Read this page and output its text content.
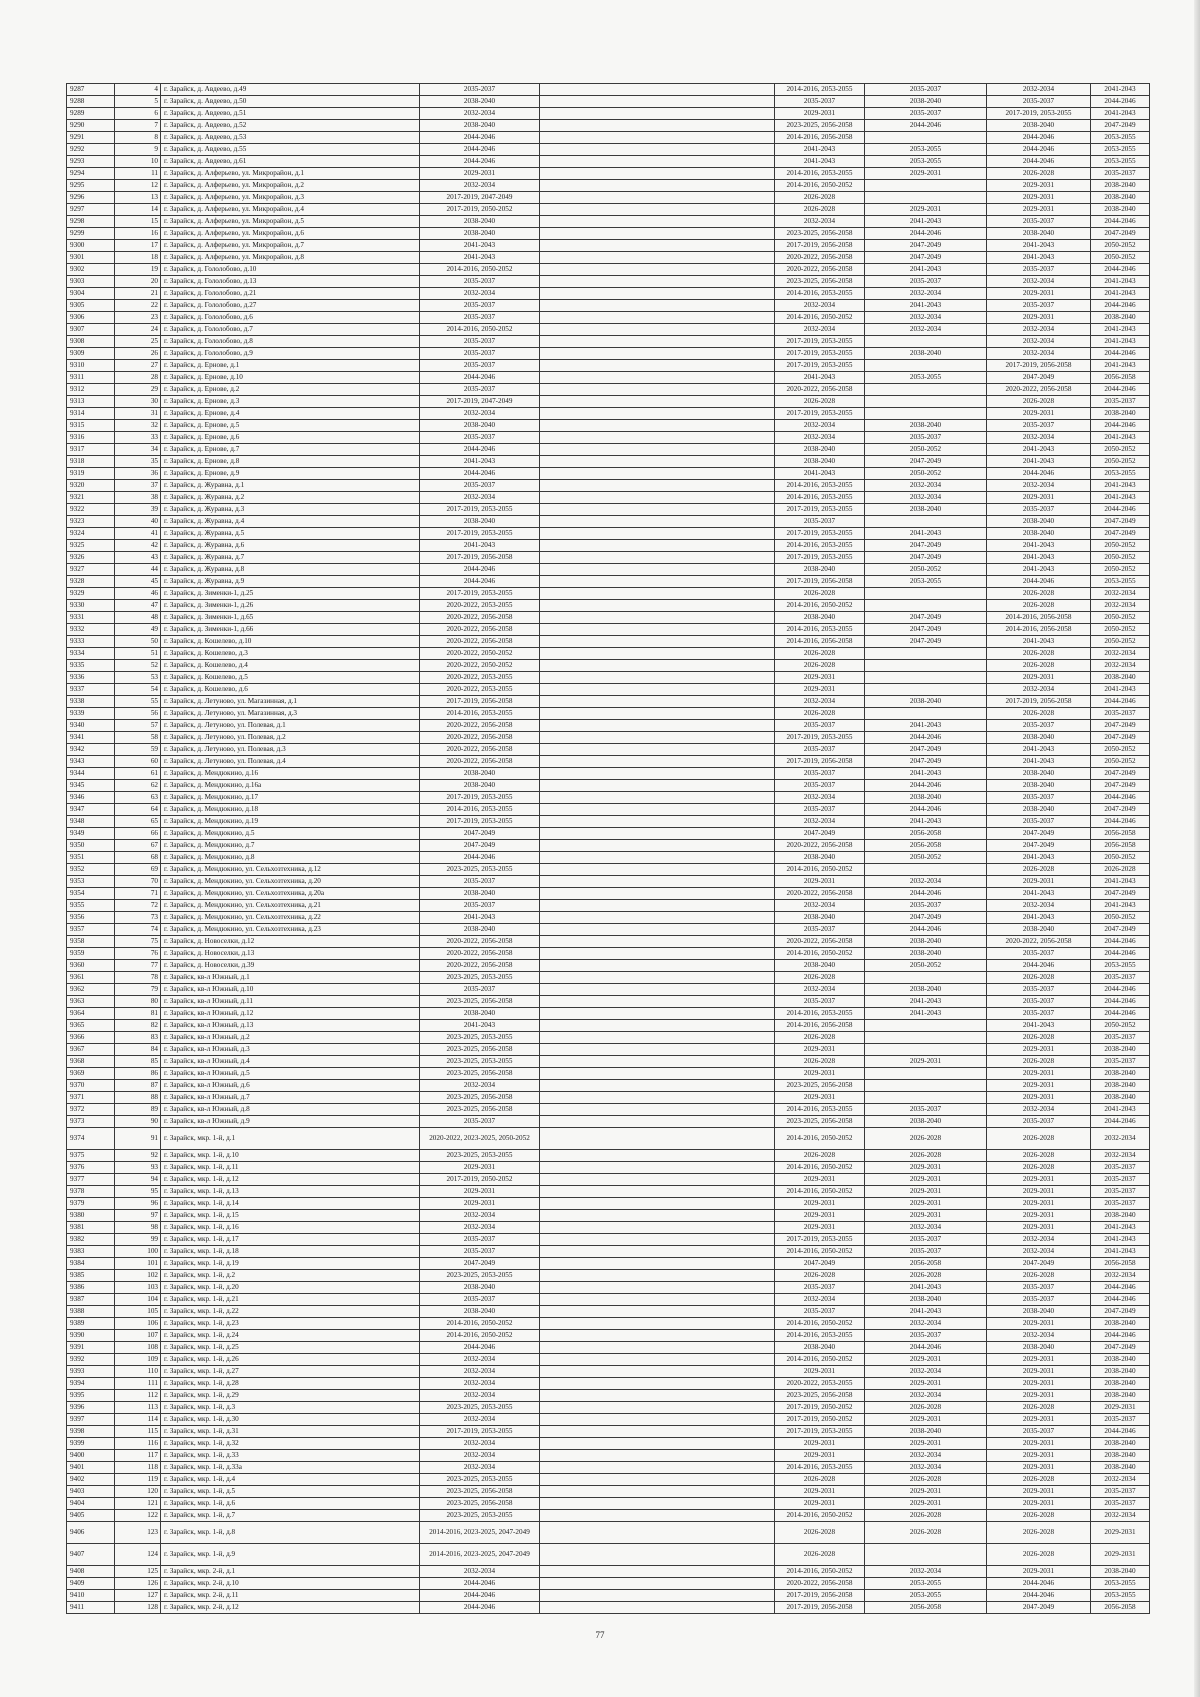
9287	4	г. Зарайск, д. Авдеево, д.49	2035-2037		2014-2016, 2053-2055	2035-2037	2032-2034	2041-2043
9288	5	г. Зарайск, д. Авдеево, д.50	2038-2040		2035-2037	2038-2040	2035-2037	2044-2046
9289	6	г. Зарайск, д. Авдеево, д.51	2032-2034		2029-2031	2035-2037	2017-2019, 2053-2055	2041-2043
9290	7	г. Зарайск, д. Авдеево, д.52	2038-2040		2023-2025, 2056-2058	2044-2046	2038-2040	2047-2049
9291	8	г. Зарайск, д. Авдеево, д.53	2044-2046		2014-2016, 2056-2058		2044-2046	2053-2055
9292	9	г. Зарайск, д. Авдеево, д.55	2044-2046		2041-2043	2053-2055	2044-2046	2053-2055
9293	10	г. Зарайск, д. Авдеево, д.61	2044-2046		2041-2043	2053-2055	2044-2046	2053-2055
9294	11	г. Зарайск, д. Алферьево, ул. Микрорайон, д.1	2029-2031		2014-2016, 2053-2055	2029-2031	2026-2028	2035-2037
9295	12	г. Зарайск, д. Алферьево, ул. Микрорайон, д.2	2032-2034		2014-2016, 2050-2052		2029-2031	2038-2040
9296	13	г. Зарайск, д. Алферьево, ул. Микрорайон, д.3	2017-2019, 2047-2049		2026-2028		2029-2031	2038-2040
9297	14	г. Зарайск, д. Алферьево, ул. Микрорайон, д.4	2017-2019, 2050-2052		2026-2028	2029-2031	2029-2031	2038-2040
9298	15	г. Зарайск, д. Алферьево, ул. Микрорайон, д.5	2038-2040		2032-2034	2041-2043	2035-2037	2044-2046
9299	16	г. Зарайск, д. Алферьево, ул. Микрорайон, д.6	2038-2040		2023-2025, 2056-2058	2044-2046	2038-2040	2047-2049
9300	17	г. Зарайск, д. Алферьево, ул. Микрорайон, д.7	2041-2043		2017-2019, 2056-2058	2047-2049	2041-2043	2050-2052
9301	18	г. Зарайск, д. Алферьево, ул. Микрорайон, д.8	2041-2043		2020-2022, 2056-2058	2047-2049	2041-2043	2050-2052
9302	19	г. Зарайск, д. Гололобово, д.10	2014-2016, 2050-2052		2020-2022, 2056-2058	2041-2043	2035-2037	2044-2046
9303	20	г. Зарайск, д. Гололобово, д.13	2035-2037		2023-2025, 2056-2058	2035-2037	2032-2034	2041-2043
9304	21	г. Зарайск, д. Гололобово, д.21	2032-2034		2014-2016, 2053-2055	2032-2034	2029-2031	2041-2043
9305	22	г. Зарайск, д. Гололобово, д.27	2035-2037		2032-2034	2041-2043	2035-2037	2044-2046
9306	23	г. Зарайск, д. Гололобово, д.6	2035-2037		2014-2016, 2050-2052	2032-2034	2029-2031	2038-2040
9307	24	г. Зарайск, д. Гололобово, д.7	2014-2016, 2050-2052		2032-2034	2032-2034	2032-2034	2041-2043
9308	25	г. Зарайск, д. Гололобово, д.8	2035-2037		2017-2019, 2053-2055		2032-2034	2041-2043
9309	26	г. Зарайск, д. Гололобово, д.9	2035-2037		2017-2019, 2053-2055	2038-2040	2032-2034	2044-2046
9310	27	г. Зарайск, д. Ернове, д.1	2035-2037		2017-2019, 2053-2055		2017-2019, 2056-2058	2041-2043
9311	28	г. Зарайск, д. Ернове, д.10	2044-2046		2041-2043	2053-2055	2047-2049	2056-2058
9312	29	г. Зарайск, д. Ернове, д.2	2035-2037		2020-2022, 2056-2058		2020-2022, 2056-2058	2044-2046
9313	30	г. Зарайск, д. Ернове, д.3	2017-2019, 2047-2049		2026-2028		2026-2028	2035-2037
9314	31	г. Зарайск, д. Ернове, д.4	2032-2034		2017-2019, 2053-2055		2029-2031	2038-2040
9315	32	г. Зарайск, д. Ернове, д.5	2038-2040		2032-2034	2038-2040	2035-2037	2044-2046
9316	33	г. Зарайск, д. Ернове, д.6	2035-2037		2032-2034	2035-2037	2032-2034	2041-2043
9317	34	г. Зарайск, д. Ернове, д.7	2044-2046		2038-2040	2050-2052	2041-2043	2050-2052
9318	35	г. Зарайск, д. Ернове, д.8	2041-2043		2038-2040	2047-2049	2041-2043	2050-2052
9319	36	г. Зарайск, д. Ернове, д.9	2044-2046		2041-2043	2050-2052	2044-2046	2053-2055
9320	37	г. Зарайск, д. Журавна, д.1	2035-2037		2014-2016, 2053-2055	2032-2034	2032-2034	2041-2043
9321	38	г. Зарайск, д. Журавна, д.2	2032-2034		2014-2016, 2053-2055	2032-2034	2029-2031	2041-2043
9322	39	г. Зарайск, д. Журавна, д.3	2017-2019, 2053-2055		2017-2019, 2053-2055	2038-2040	2035-2037	2044-2046
9323	40	г. Зарайск, д. Журавна, д.4	2038-2040		2035-2037		2038-2040	2047-2049
9324	41	г. Зарайск, д. Журавна, д.5	2017-2019, 2053-2055		2017-2019, 2053-2055	2041-2043	2038-2040	2047-2049
9325	42	г. Зарайск, д. Журавна, д.6	2041-2043		2014-2016, 2053-2055	2047-2049	2041-2043	2050-2052
9326	43	г. Зарайск, д. Журавна, д.7	2017-2019, 2056-2058		2017-2019, 2053-2055	2047-2049	2041-2043	2050-2052
9327	44	г. Зарайск, д. Журавна, д.8	2044-2046		2038-2040	2050-2052	2041-2043	2050-2052
9328	45	г. Зарайск, д. Журавна, д.9	2044-2046		2017-2019, 2056-2058	2053-2055	2044-2046	2053-2055
9329	46	г. Зарайск, д. Зименки-1, д.25	2017-2019, 2053-2055		2026-2028		2026-2028	2032-2034
9330	47	г. Зарайск, д. Зименки-1, д.26	2020-2022, 2053-2055		2014-2016, 2050-2052		2026-2028	2032-2034
9331	48	г. Зарайск, д. Зименки-1, д.65	2020-2022, 2056-2058		2038-2040	2047-2049	2014-2016, 2056-2058	2050-2052
9332	49	г. Зарайск, д. Зименки-1, д.66	2020-2022, 2056-2058		2014-2016, 2053-2055	2047-2049	2014-2016, 2056-2058	2050-2052
9333	50	г. Зарайск, д. Кошелево, д.10	2020-2022, 2056-2058		2014-2016, 2056-2058	2047-2049	2041-2043	2050-2052
9334	51	г. Зарайск, д. Кошелево, д.3	2020-2022, 2050-2052		2026-2028		2026-2028	2032-2034
9335	52	г. Зарайск, д. Кошелево, д.4	2020-2022, 2050-2052		2026-2028		2026-2028	2032-2034
9336	53	г. Зарайск, д. Кошелево, д.5	2020-2022, 2053-2055		2029-2031		2029-2031	2038-2040
9337	54	г. Зарайск, д. Кошелево, д.6	2020-2022, 2053-2055		2029-2031		2032-2034	2041-2043
9338	55	г. Зарайск, д. Летуново, ул. Магазинная, д.1	2017-2019, 2056-2058		2032-2034	2038-2040	2017-2019, 2056-2058	2044-2046
9339	56	г. Зарайск, д. Летуново, ул. Магазинная, д.3	2014-2016, 2053-2055		2026-2028		2026-2028	2035-2037
9340	57	г. Зарайск, д. Летуново, ул. Полевая, д.1	2020-2022, 2056-2058		2035-2037	2041-2043	2035-2037	2047-2049
9341	58	г. Зарайск, д. Летуново, ул. Полевая, д.2	2020-2022, 2056-2058		2017-2019, 2053-2055	2044-2046	2038-2040	2047-2049
9342	59	г. Зарайск, д. Летуново, ул. Полевая, д.3	2020-2022, 2056-2058		2035-2037	2047-2049	2041-2043	2050-2052
9343	60	г. Зарайск, д. Летуново, ул. Полевая, д.4	2020-2022, 2056-2058		2017-2019, 2056-2058	2047-2049	2041-2043	2050-2052
9344	61	г. Зарайск, д. Мендюкино, д.16	2038-2040		2035-2037	2041-2043	2038-2040	2047-2049
9345	62	г. Зарайск, д. Мендюкино, д.16а	2038-2040		2035-2037	2044-2046	2038-2040	2047-2049
9346	63	г. Зарайск, д. Мендюкино, д.17	2017-2019, 2053-2055		2032-2034	2038-2040	2035-2037	2044-2046
9347	64	г. Зарайск, д. Мендюкино, д.18	2014-2016, 2053-2055		2035-2037	2044-2046	2038-2040	2047-2049
9348	65	г. Зарайск, д. Мендюкино, д.19	2017-2019, 2053-2055		2032-2034	2041-2043	2035-2037	2044-2046
9349	66	г. Зарайск, д. Мендюкино, д.5	2047-2049		2047-2049	2056-2058	2047-2049	2056-2058
9350	67	г. Зарайск, д. Мендюкино, д.7	2047-2049		2020-2022, 2056-2058	2056-2058	2047-2049	2056-2058
9351	68	г. Зарайск, д. Мендюкино, д.8	2044-2046		2038-2040	2050-2052	2041-2043	2050-2052
9352	69	г. Зарайск, д. Мендюкино, ул. Сельхозтехника, д.12	2023-2025, 2053-2055		2014-2016, 2050-2052		2026-2028	2026-2028
9353	70	г. Зарайск, д. Мендюкино, ул. Сельхозтехника, д.20	2035-2037		2029-2031	2032-2034	2029-2031	2041-2043
9354	71	г. Зарайск, д. Мендюкино, ул. Сельхозтехника, д.20а	2038-2040		2020-2022, 2056-2058	2044-2046	2041-2043	2047-2049
9355	72	г. Зарайск, д. Мендюкино, ул. Сельхозтехника, д.21	2035-2037		2032-2034	2035-2037	2032-2034	2041-2043
9356	73	г. Зарайск, д. Мендюкино, ул. Сельхозтехника, д.22	2041-2043		2038-2040	2047-2049	2041-2043	2050-2052
9357	74	г. Зарайск, д. Мендюкино, ул. Сельхозтехника, д.23	2038-2040		2035-2037	2044-2046	2038-2040	2047-2049
9358	75	г. Зарайск, д. Новоселки, д.12	2020-2022, 2056-2058		2020-2022, 2056-2058	2038-2040	2020-2022, 2056-2058	2044-2046
9359	76	г. Зарайск, д. Новоселки, д.13	2020-2022, 2056-2058		2014-2016, 2050-2052	2038-2040	2035-2037	2044-2046
9360	77	г. Зарайск, д. Новоселки, д.39	2020-2022, 2056-2058		2038-2040	2050-2052	2044-2046	2053-2055
9361	78	г. Зарайск, кв-л Южный, д.1	2023-2025, 2053-2055		2026-2028		2026-2028	2035-2037
9362	79	г. Зарайск, кв-л Южный, д.10	2035-2037		2032-2034	2038-2040	2035-2037	2044-2046
9363	80	г. Зарайск, кв-л Южный, д.11	2023-2025, 2056-2058		2035-2037	2041-2043	2035-2037	2044-2046
9364	81	г. Зарайск, кв-л Южный, д.12	2038-2040		2014-2016, 2053-2055	2041-2043	2035-2037	2044-2046
9365	82	г. Зарайск, кв-л Южный, д.13	2041-2043		2014-2016, 2056-2058		2041-2043	2050-2052
9366	83	г. Зарайск, кв-л Южный, д.2	2023-2025, 2053-2055		2026-2028		2026-2028	2035-2037
9367	84	г. Зарайск, кв-л Южный, д.3	2023-2025, 2056-2058		2029-2031		2029-2031	2038-2040
9368	85	г. Зарайск, кв-л Южный, д.4	2023-2025, 2053-2055		2026-2028	2029-2031	2026-2028	2035-2037
9369	86	г. Зарайск, кв-л Южный, д.5	2023-2025, 2056-2058		2029-2031		2029-2031	2038-2040
9370	87	г. Зарайск, кв-л Южный, д.6	2032-2034		2023-2025, 2056-2058		2029-2031	2038-2040
9371	88	г. Зарайск, кв-л Южный, д.7	2023-2025, 2056-2058		2029-2031		2029-2031	2038-2040
9372	89	г. Зарайск, кв-л Южный, д.8	2023-2025, 2056-2058		2014-2016, 2053-2055	2035-2037	2032-2034	2041-2043
9373	90	г. Зарайск, кв-л Южный, д.9	2035-2037		2023-2025, 2056-2058	2038-2040	2035-2037	2044-2046
9374	91	г. Зарайск, мкр. 1-й, д.1	2020-2022, 2023-2025, 2050-2052		2014-2016, 2050-2052	2026-2028	2026-2028	2032-2034
9375	92	г. Зарайск, мкр. 1-й, д.10	2023-2025, 2053-2055		2026-2028	2026-2028	2026-2028	2032-2034
9376	93	г. Зарайск, мкр. 1-й, д.11	2029-2031		2014-2016, 2050-2052	2029-2031	2026-2028	2035-2037
9377	94	г. Зарайск, мкр. 1-й, д.12	2017-2019, 2050-2052		2029-2031	2029-2031	2029-2031	2035-2037
9378	95	г. Зарайск, мкр. 1-й, д.13	2029-2031		2014-2016, 2050-2052	2029-2031	2029-2031	2035-2037
9379	96	г. Зарайск, мкр. 1-й, д.14	2029-2031		2029-2031	2029-2031	2029-2031	2035-2037
9380	97	г. Зарайск, мкр. 1-й, д.15	2032-2034		2029-2031	2029-2031	2029-2031	2038-2040
9381	98	г. Зарайск, мкр. 1-й, д.16	2032-2034		2029-2031	2032-2034	2029-2031	2041-2043
9382	99	г. Зарайск, мкр. 1-й, д.17	2035-2037		2017-2019, 2053-2055	2035-2037	2032-2034	2041-2043
9383	100	г. Зарайск, мкр. 1-й, д.18	2035-2037		2014-2016, 2050-2052	2035-2037	2032-2034	2041-2043
9384	101	г. Зарайск, мкр. 1-й, д.19	2047-2049		2047-2049	2056-2058	2047-2049	2056-2058
9385	102	г. Зарайск, мкр. 1-й, д.2	2023-2025, 2053-2055		2026-2028	2026-2028	2026-2028	2032-2034
9386	103	г. Зарайск, мкр. 1-й, д.20	2038-2040		2035-2037	2041-2043	2035-2037	2044-2046
9387	104	г. Зарайск, мкр. 1-й, д.21	2035-2037		2032-2034	2038-2040	2035-2037	2044-2046
9388	105	г. Зарайск, мкр. 1-й, д.22	2038-2040		2035-2037	2041-2043	2038-2040	2047-2049
9389	106	г. Зарайск, мкр. 1-й, д.23	2014-2016, 2050-2052		2014-2016, 2050-2052	2032-2034	2029-2031	2038-2040
9390	107	г. Зарайск, мкр. 1-й, д.24	2014-2016, 2050-2052		2014-2016, 2053-2055	2035-2037	2032-2034	2044-2046
9391	108	г. Зарайск, мкр. 1-й, д.25	2044-2046		2038-2040	2044-2046	2038-2040	2047-2049
9392	109	г. Зарайск, мкр. 1-й, д.26	2032-2034		2014-2016, 2050-2052	2029-2031	2029-2031	2038-2040
9393	110	г. Зарайск, мкр. 1-й, д.27	2032-2034		2029-2031	2032-2034	2029-2031	2038-2040
9394	111	г. Зарайск, мкр. 1-й, д.28	2032-2034		2020-2022, 2053-2055	2029-2031	2029-2031	2038-2040
9395	112	г. Зарайск, мкр. 1-й, д.29	2032-2034		2023-2025, 2056-2058	2032-2034	2029-2031	2038-2040
9396	113	г. Зарайск, мкр. 1-й, д.3	2023-2025, 2053-2055		2017-2019, 2050-2052	2026-2028	2026-2028	2029-2031
9397	114	г. Зарайск, мкр. 1-й, д.30	2032-2034		2017-2019, 2050-2052	2029-2031	2029-2031	2035-2037
9398	115	г. Зарайск, мкр. 1-й, д.31	2017-2019, 2053-2055		2017-2019, 2053-2055	2038-2040	2035-2037	2044-2046
9399	116	г. Зарайск, мкр. 1-й, д.32	2032-2034		2029-2031	2029-2031	2029-2031	2038-2040
9400	117	г. Зарайск, мкр. 1-й, д.33	2032-2034		2029-2031	2032-2034	2029-2031	2038-2040
9401	118	г. Зарайск, мкр. 1-й, д.33а	2032-2034		2014-2016, 2053-2055	2032-2034	2029-2031	2038-2040
9402	119	г. Зарайск, мкр. 1-й, д.4	2023-2025, 2053-2055		2026-2028	2026-2028	2026-2028	2032-2034
9403	120	г. Зарайск, мкр. 1-й, д.5	2023-2025, 2056-2058		2029-2031	2029-2031	2029-2031	2035-2037
9404	121	г. Зарайск, мкр. 1-й, д.6	2023-2025, 2056-2058		2029-2031	2029-2031	2029-2031	2035-2037
9405	122	г. Зарайск, мкр. 1-й, д.7	2023-2025, 2053-2055		2014-2016, 2050-2052	2026-2028	2026-2028	2032-2034
9406	123	г. Зарайск, мкр. 1-й, д.8	2014-2016, 2023-2025, 2047-2049		2026-2028	2026-2028	2026-2028	2029-2031
9407	124	г. Зарайск, мкр. 1-й, д.9	2014-2016, 2023-2025, 2047-2049		2026-2028		2026-2028	2029-2031
9408	125	г. Зарайск, мкр. 2-й, д.1	2032-2034		2014-2016, 2050-2052	2032-2034	2029-2031	2038-2040
9409	126	г. Зарайск, мкр. 2-й, д.10	2044-2046		2020-2022, 2056-2058	2053-2055	2044-2046	2053-2055
9410	127	г. Зарайск, мкр. 2-й, д.11	2044-2046		2017-2019, 2056-2058	2053-2055	2044-2046	2053-2055
9411	128	г. Зарайск, мкр. 2-й, д.12	2044-2046		2017-2019, 2056-2058	2056-2058	2047-2049	2056-2058
77
